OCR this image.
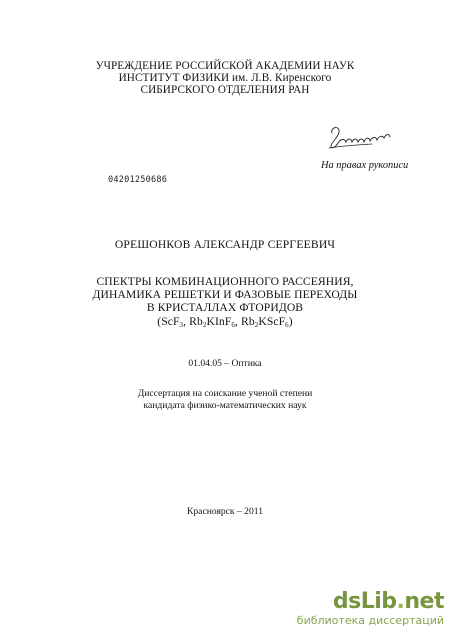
УЧРЕЖДЕНИЕ РОССИЙСКОЙ АКАДЕМИИ НАУК
ИНСТИТУТ ФИЗИКИ им. Л.В. Киренского
СИБИРСКОГО ОТДЕЛЕНИЯ РАН
На правах рукописи
04201250686
ОРЕШОНКОВ АЛЕКСАНДР СЕРГЕЕВИЧ
СПЕКТРЫ КОМБИНАЦИОННОГО РАССЕЯНИЯ,
ДИНАМИКА РЕШЕТКИ И ФАЗОВЫЕ ПЕРЕХОДЫ
В КРИСТАЛЛАХ ФТОРИДОВ
(ScF$_3$, $Rb_2KInF_6$, $Rb_2KScF_6$)
01.04.05 – Оптика
Диссертация на соискание ученой степени
кандидата физико-математических наук
Красноярск – 2011
dsLib.net
библиотека диссертаций
